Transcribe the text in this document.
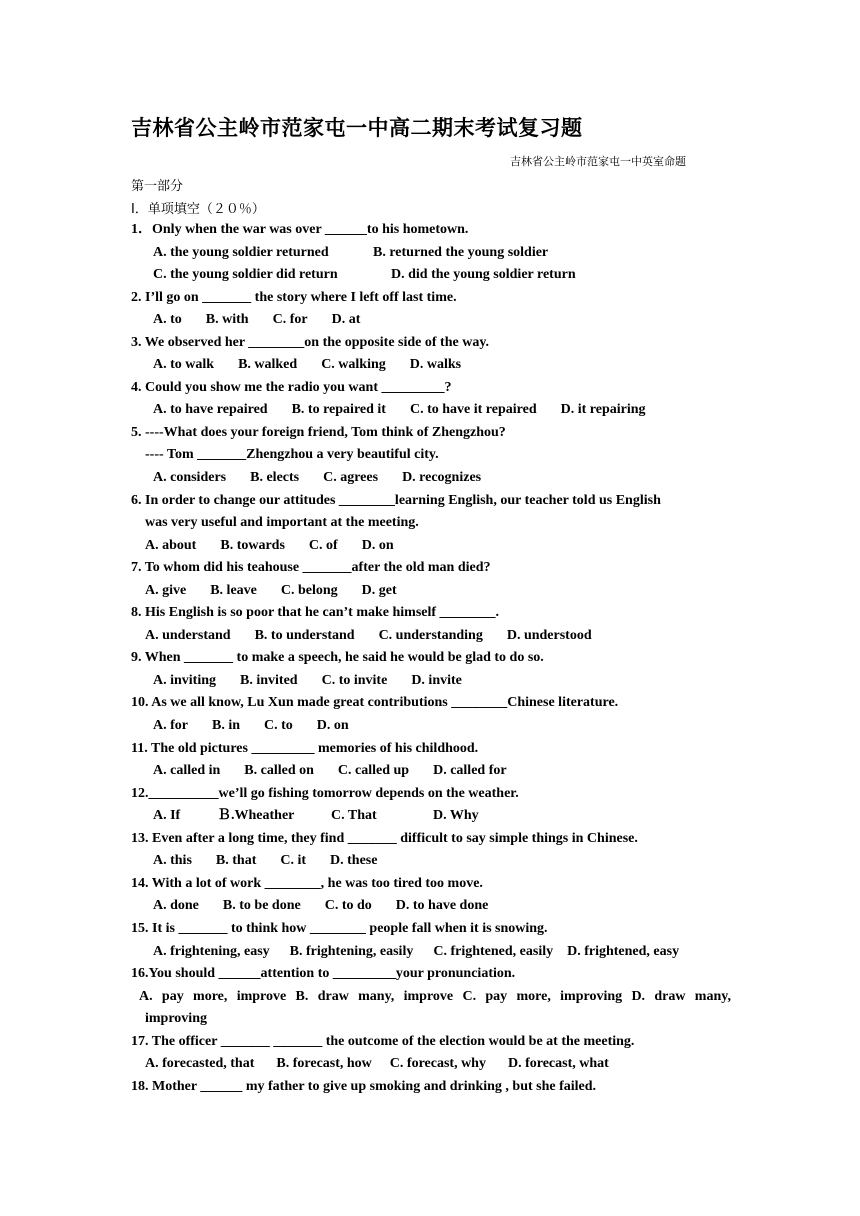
吉林省公主岭市范家屯一中高二期末考试复习题
吉林省公主岭市范家屯一中英室命题
第一部分
Ⅰ．单项填空（２０％）
1．Only when the war was over ______to his hometown.
A. the young soldier returned	B. returned the young soldier
C. the young soldier did return	D. did the young soldier return
2. I’ll go on _______ the story where I left off last time.
A. to B. with C. for D. at
3. We observed her ________on the opposite side of the way.
A. to walk B. walked C. walking D. walks
4. Could you show me the radio you want _________?
A. to have repaired B. to repaired it C. to have it repaired D. it repairing
5. ----What does your foreign friend, Tom think of Zhengzhou?
---- Tom _______Zhengzhou a very beautiful city.
A. considers B. elects C. agrees D. recognizes
6. In order to change our attitudes ________learning English, our teacher told us English
was very useful and important at the meeting.
A. about B. towards C. of D. on
7. To whom did his teahouse _______after the old man died?
A. give B. leave C. belong D. get
8. His English is so poor that he can’t make himself ________.
A. understand B. to understand C. understanding D. understood
9. When _______ to make a speech, he said he would be glad to do so.
A. inviting B. invited C. to invite D. invite
10. As we all know, Lu Xun made great contributions ________Chinese literature.
A. for B. in C. to D. on
11. The old pictures _________ memories of his childhood.
A. called in B. called on C. called up D. called for
12.__________we’ll go fishing tomorrow depends on the weather.
A. If	Ｂ.Wheather	C. That	D. Why
13. Even after a long time, they find _______ difficult to say simple things in Chinese.
A. this B. that C. it D. these
14. With a lot of work ________, he was too tired too move.
A. done B. to be done C. to do D. to have done
15. It is _______ to think how ________ people fall when it is snowing.
A. frightening, easy B. frightening, easily C. frightened, easily D. frightened, easy
16.You should ______attention to _________your pronunciation.
A. pay more, improve B. draw many, improve C. pay more, improving D. draw many,
improving
17. The officer _______ _______ the outcome of the election would be at the meeting.
A. forecasted, that B. forecast, how C. forecast, why D. forecast, what
18. Mother ______ my father to give up smoking and drinking , but she failed.
